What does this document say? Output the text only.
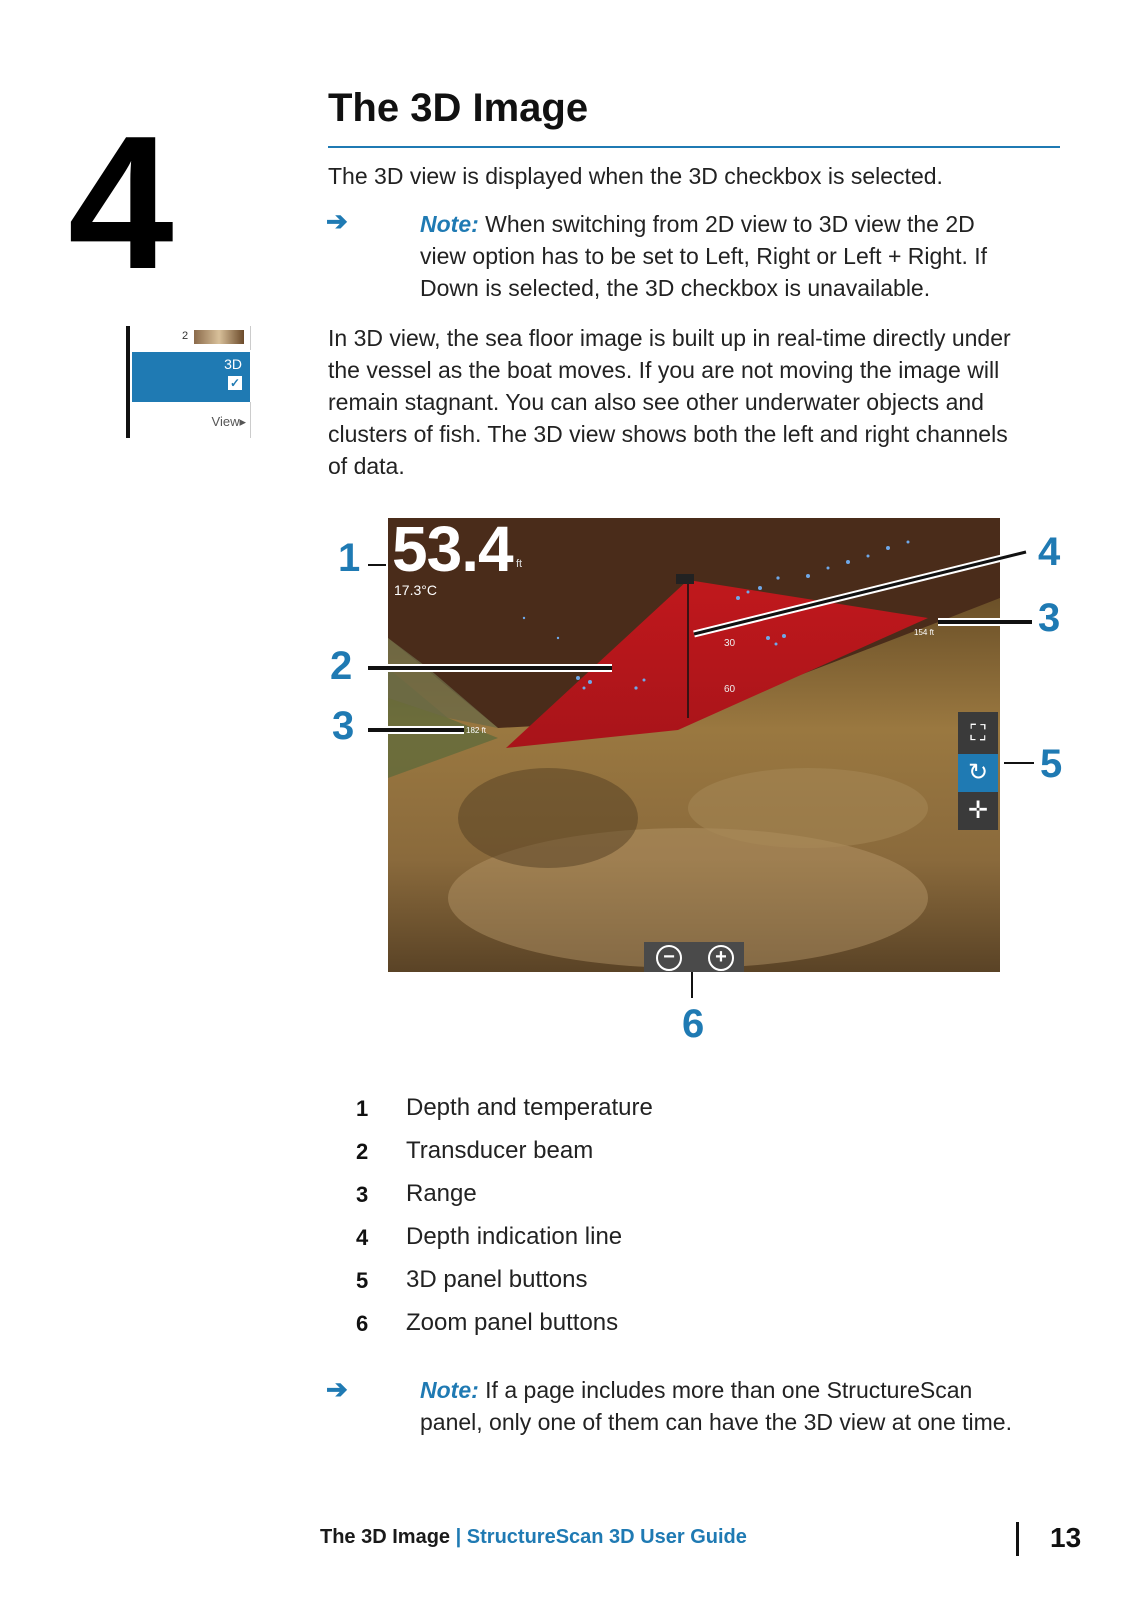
4	The 3D Image
The 3D view is displayed when the 3D checkbox is selected.
➔	Note: When switching from 2D view to 3D view the 2D
view option has to be set to Left, Right or Left + Right. If
Down is selected, the 3D checkbox is unavailable.
2
3D
✓
View▸
In 3D view, the sea floor image is built up in real-time directly under
the vessel as the boat moves. If you are not moving the image will
remain stagnant. You can also see other underwater objects and
clusters of fish. The 3D view shows both the left and right channels
of data.
53.4 ft
17.3°C
182 ft
154 ft
30
60
⛶
↻
✛
−	+
1
2
3
4
3
5
6
1 Depth and temperature
2 Transducer beam
3 Range
4 Depth indication line
5 3D panel buttons
6 Zoom panel buttons
➔	Note: If a page includes more than one StructureScan
panel, only one of them can have the 3D view at one time.
The 3D Image | StructureScan 3D User Guide	13
